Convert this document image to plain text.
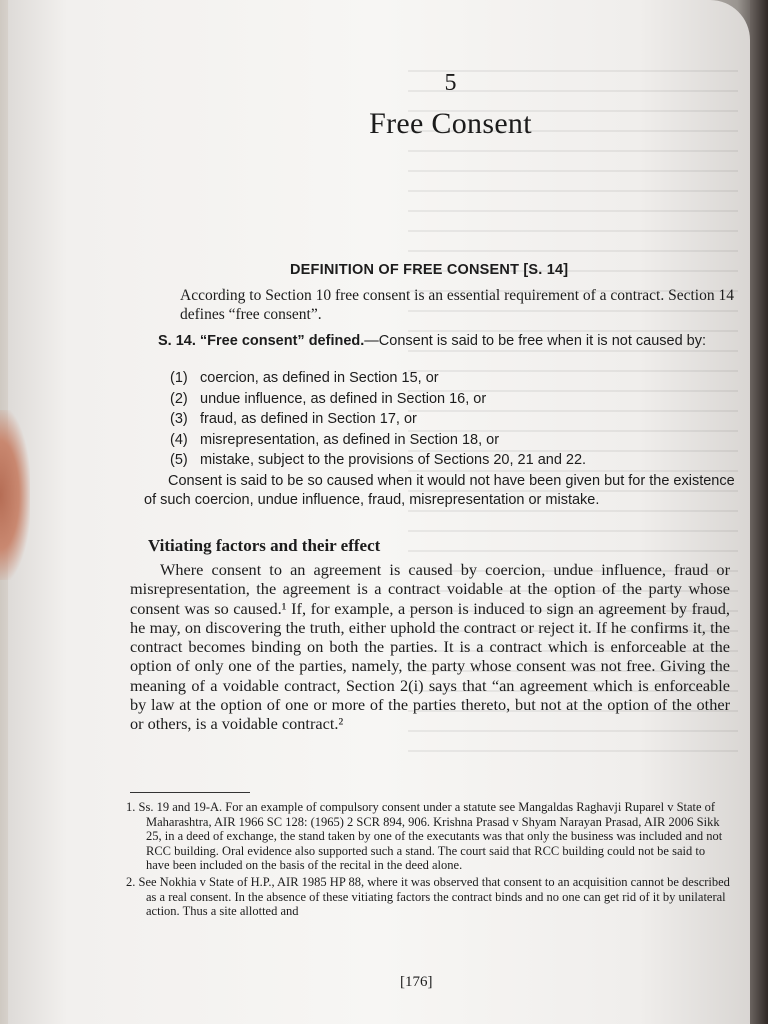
5
Free Consent
DEFINITION OF FREE CONSENT [S. 14]
According to Section 10 free consent is an essential requirement of a contract. Section 14 defines “free consent”.
S. 14. “Free consent” defined.—Consent is said to be free when it is not caused by:
(1) coercion, as defined in Section 15, or
(2) undue influence, as defined in Section 16, or
(3) fraud, as defined in Section 17, or
(4) misrepresentation, as defined in Section 18, or
(5) mistake, subject to the provisions of Sections 20, 21 and 22.
Consent is said to be so caused when it would not have been given but for the existence of such coercion, undue influence, fraud, misrepresentation or mistake.
Vitiating factors and their effect
Where consent to an agreement is caused by coercion, undue influence, fraud or misrepresentation, the agreement is a contract voidable at the option of the party whose consent was so caused.¹ If, for example, a person is induced to sign an agreement by fraud, he may, on discovering the truth, either uphold the contract or reject it. If he confirms it, the contract becomes binding on both the parties. It is a contract which is enforceable at the option of only one of the parties, namely, the party whose consent was not free. Giving the meaning of a voidable contract, Section 2(i) says that “an agreement which is enforceable by law at the option of one or more of the parties thereto, but not at the option of the other or others, is a voidable contract.²
1. Ss. 19 and 19-A. For an example of compulsory consent under a statute see Mangaldas Raghavji Ruparel v State of Maharashtra, AIR 1966 SC 128: (1965) 2 SCR 894, 906. Krishna Prasad v Shyam Narayan Prasad, AIR 2006 Sikk 25, in a deed of exchange, the stand taken by one of the executants was that only the business was included and not RCC building. Oral evidence also supported such a stand. The court said that RCC building could not be said to have been included on the basis of the recital in the deed alone.
2. See Nokhia v State of H.P., AIR 1985 HP 88, where it was observed that consent to an acquisition cannot be described as a real consent. In the absence of these vitiating factors the contract binds and no one can get rid of it by unilateral action. Thus a site allotted and
[176]
